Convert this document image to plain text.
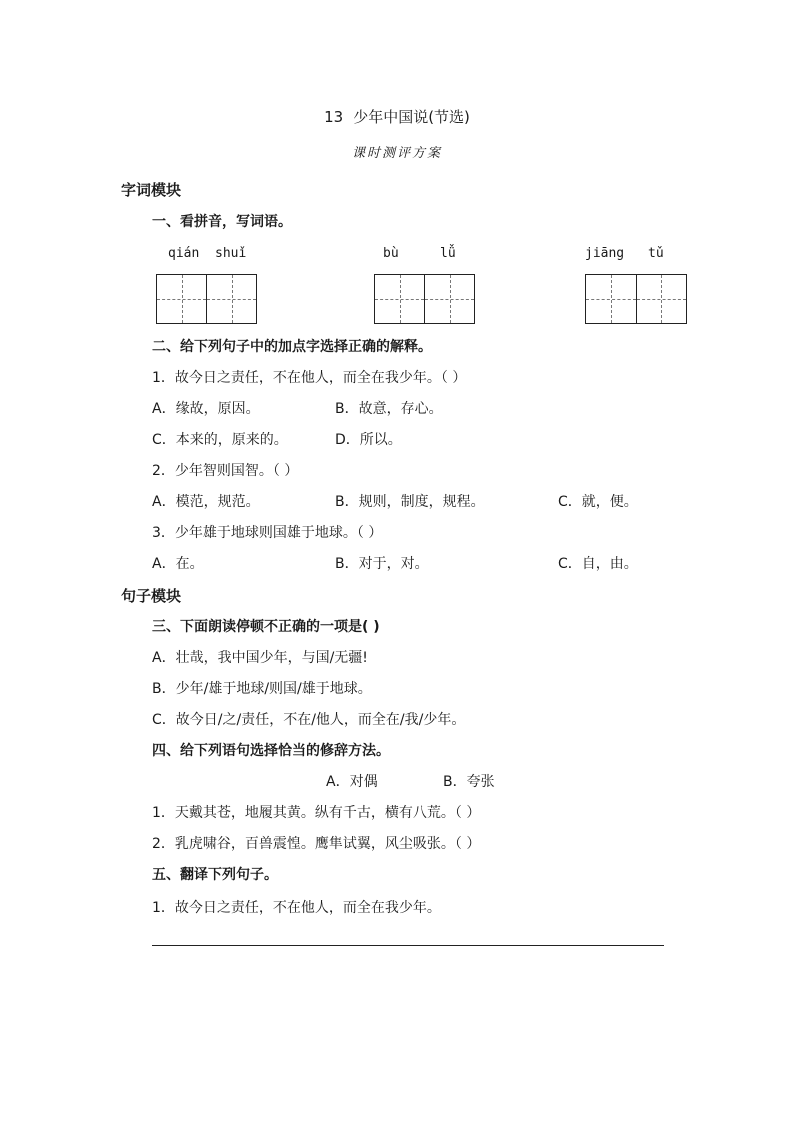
13 少年中国说(节选)
课时测评方案
字词模块
一、看拼音，写词语。
qián shuǐ	bù	lǚ	jiāng tǔ
二、给下列句子中的加点字选择正确的解释。
1．故今日之责任，不在他人，而全在我少年。（ ）
A．缘故，原因。	B．故意，存心。
C．本来的，原来的。	D．所以。
2．少年智则国智。（ ）
A．模范，规范。	B．规则，制度，规程。	C．就，便。
3．少年雄于地球则国雄于地球。（ ）
A．在。	B．对于，对。	C．自，由。
句子模块
三、下面朗读停顿不正确的一项是( )
A．壮哉，我中国少年，与国/无疆!
B．少年/雄于地球/则国/雄于地球。
C．故今日/之/责任，不在/他人，而全在/我/少年。
四、给下列语句选择恰当的修辞方法。
A．对偶	B．夸张
1．天戴其苍，地履其黄。纵有千古，横有八荒。（ ）
2．乳虎啸谷，百兽震惶。鹰隼试翼，风尘吸张。（ ）
五、翻译下列句子。
1．故今日之责任，不在他人，而全在我少年。
